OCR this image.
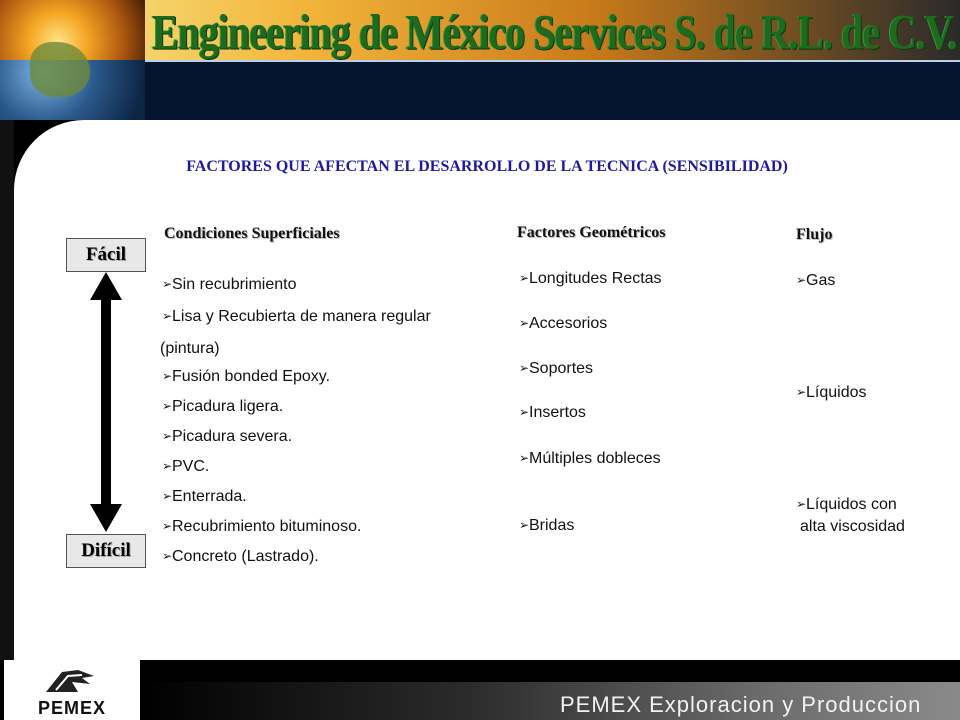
Engineering de México Services S. de R.L. de C.V.
FACTORES QUE AFECTAN EL DESARROLLO DE LA TECNICA (SENSIBILIDAD)
Fácil
Difícil
Condiciones Superficiales
➢Sin recubrimiento
➢Lisa y Recubierta de manera regular
(pintura)
➢Fusión bonded Epoxy.
➢Picadura ligera.
➢Picadura severa.
➢PVC.
➢Enterrada.
➢Recubrimiento bituminoso.
➢Concreto (Lastrado).
Factores Geométricos
➢Longitudes Rectas
➢Accesorios
➢Soportes
➢Insertos
➢Múltiples dobleces
➢Bridas
Flujo
➢Gas
➢Líquidos
➢Líquidos con
alta viscosidad
PEMEX	PEMEX Exploracion y Produccion
